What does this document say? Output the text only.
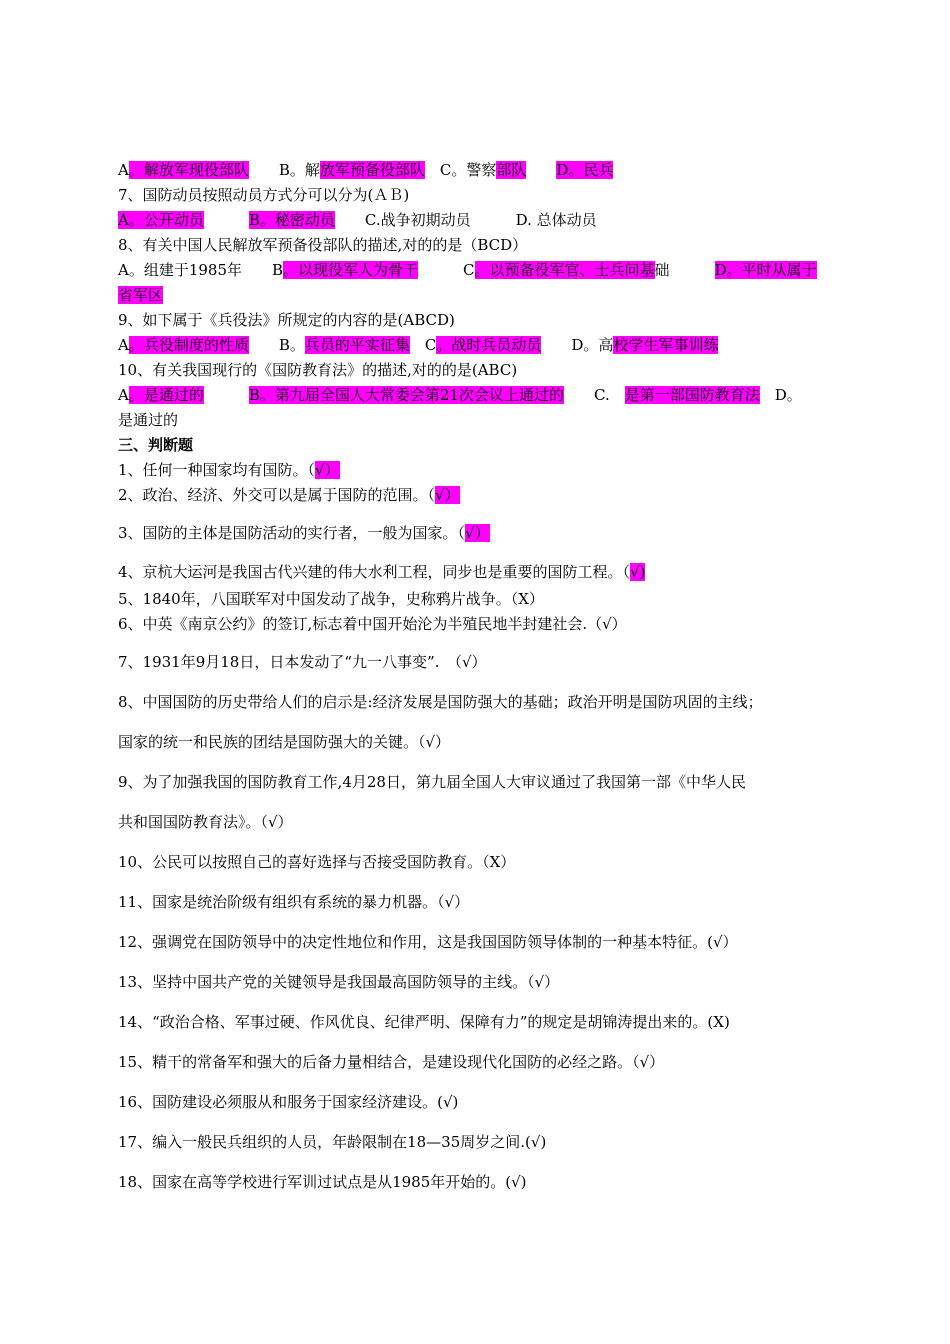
A。解放军现役部队　　B。解放军预备役部队　C。警察部队　　 D。民兵
7、国防动员按照动员方式分可以分为(ＡＢ)
A。公开动员　　　	B。秘密动员　　C.战争初期动员　　　D. 总体动员
8、有关中国人民解放军预备役部队的描述,对的的是（BCD）
A。组建于1985年　　B。以现役军人为骨干　　　C。以预备役军官、士兵问基础　　　D。平时从属于
省军区
9、如下属于《兵役法》所规定的内容的是(ABCD)
A。兵役制度的性质　　B。兵员的平实征集　C。战时兵员动员　　D。高校学生军事训练
10、有关我国现行的《国防教育法》的描述,对的的是(ABC)
A。是通过的　　　	B。第九届全国人大常委会第21次会议上通过的　　C.　是第一部国防教育法　D。
是通过的
三、判断题
1、任何一种国家均有国防。（√）
2、政治、经济、外交可以是属于国防的范围。（√）
3、国防的主体是国防活动的实行者，一般为国家。（√）
4、京杭大运河是我国古代兴建的伟大水利工程，同步也是重要的国防工程。（√)
5、1840年，八国联军对中国发动了战争，史称鸦片战争。（X）
6、中英《南京公约》的签订,标志着中国开始沦为半殖民地半封建社会.（√）
7、1931年9月18日，日本发动了“九一八事变”.　（√）
8、中国国防的历史带给人们的启示是:经济发展是国防强大的基础；政治开明是国防巩固的主线；
国家的统一和民族的团结是国防强大的关键。（√）
9、为了加强我国的国防教育工作,4月28日，第九届全国人大审议通过了我国第一部《中华人民
共和国国防教育法》。（√）
10、公民可以按照自己的喜好选择与否接受国防教育。（X）
11、国家是统治阶级有组织有系统的暴力机器。（√）
12、强调党在国防领导中的决定性地位和作用，这是我国国防领导体制的一种基本特征。(√）
13、坚持中国共产党的关键领导是我国最高国防领导的主线。（√）
14、“政治合格、军事过硬、作风优良、纪律严明、保障有力”的规定是胡锦涛提出来的。(X)
15、精干的常备军和强大的后备力量相结合，是建设现代化国防的必经之路。（√）
16、国防建设必须服从和服务于国家经济建设。(√)
17、编入一般民兵组织的人员，年龄限制在18—35周岁之间.(√)
18、国家在高等学校进行军训过试点是从1985年开始的。(√)
